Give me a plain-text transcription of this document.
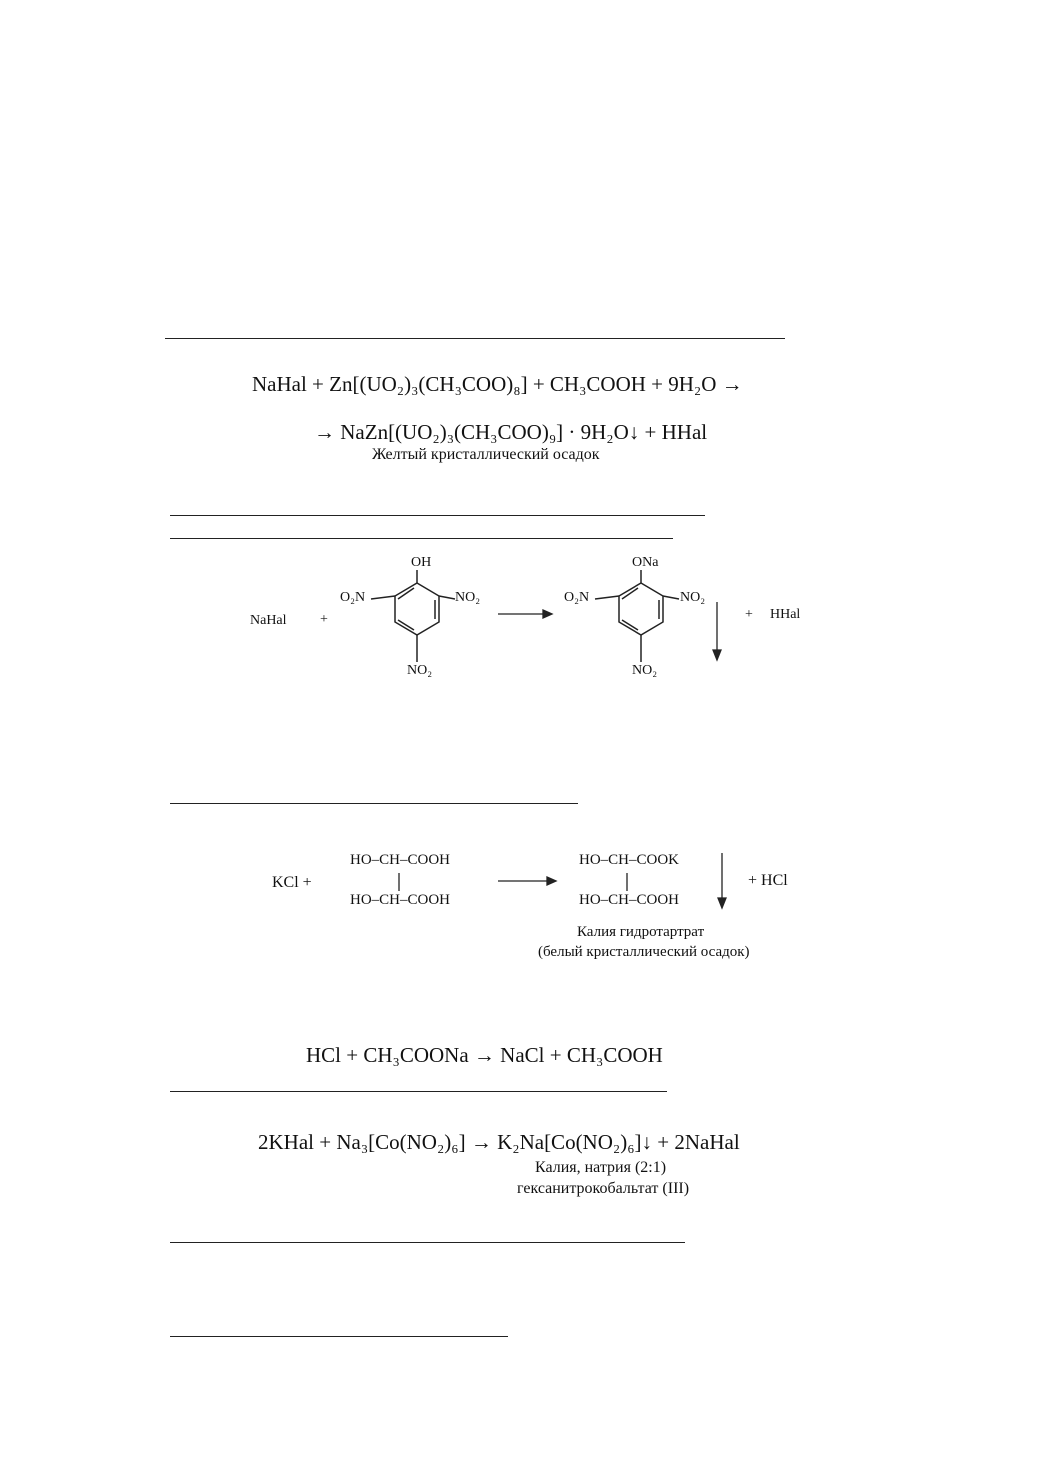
NaHal + Zn[(UO₂)₃(CH₃COO)₈] + CH₃COOH + 9H₂O →
→ NaZn[(UO₂)₃(CH₃COO)₉] · 9H₂O↓ + HHal
Желтый кристаллический осадок
NaHal +	+ HHal
OH
O₂N	NO₂
NO₂
ONa
O₂N	NO₂
NO₂
KCl +
HO–CH–COOH
HO–CH–COOH
HO–CH–COOK
HO–CH–COOH
+ HCl
Калия гидротартрат
(белый кристаллический осадок)
HCl + CH₃COONa → NaCl + CH₃COOH
2KHal + Na₃[Co(NO₂)₆] → K₂Na[Co(NO₂)₆]↓ + 2NaHal
Калия, натрия (2:1)
гексанитрокобальтат (III)
